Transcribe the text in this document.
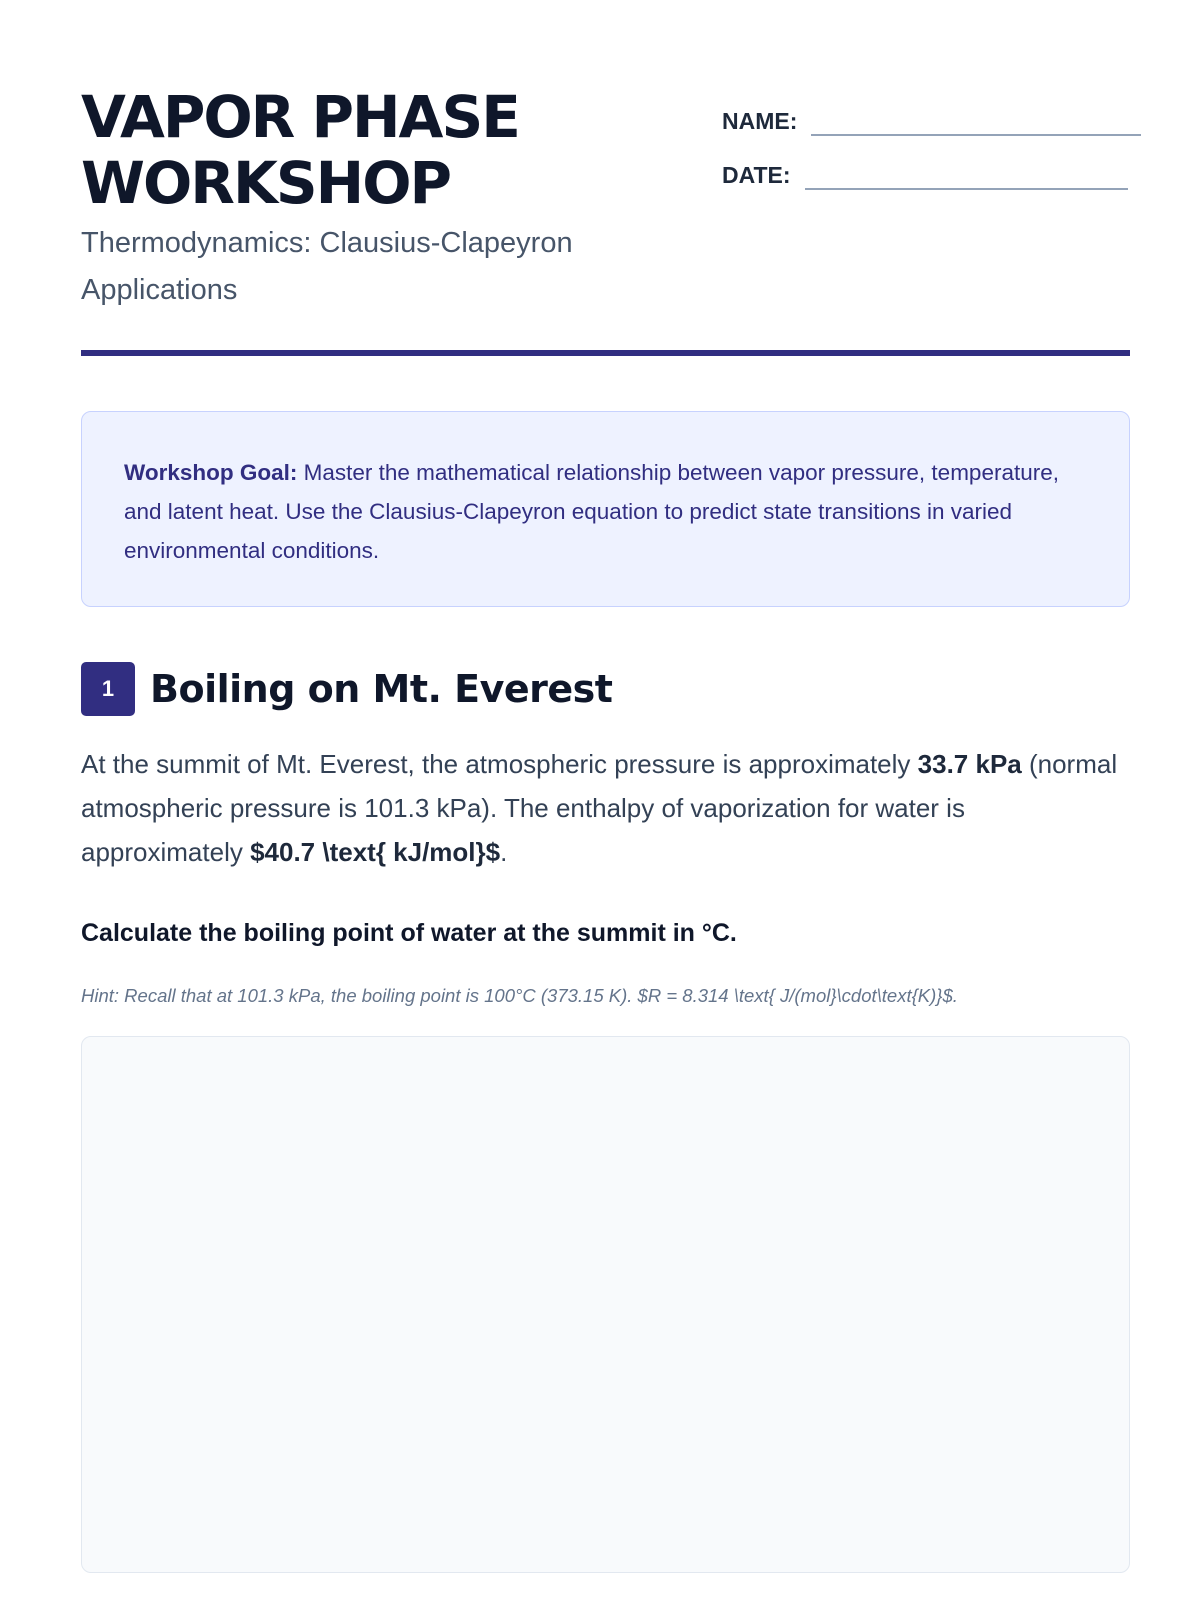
VAPOR PHASE WORKSHOP
Thermodynamics: Clausius-Clapeyron Applications
NAME:
DATE:

Workshop Goal: Master the mathematical relationship between vapor pressure, temperature, and latent heat. Use the Clausius-Clapeyron equation to predict state transitions in varied environmental conditions.

1 Boiling on Mt. Everest

At the summit of Mt. Everest, the atmospheric pressure is approximately 33.7 kPa (normal atmospheric pressure is 101.3 kPa). The enthalpy of vaporization for water is approximately $40.7 \text{ kJ/mol}$.

Calculate the boiling point of water at the summit in °C.

Hint: Recall that at 101.3 kPa, the boiling point is 100°C (373.15 K). $R = 8.314 \text{ J/(mol}\cdot\text{K)}$.
